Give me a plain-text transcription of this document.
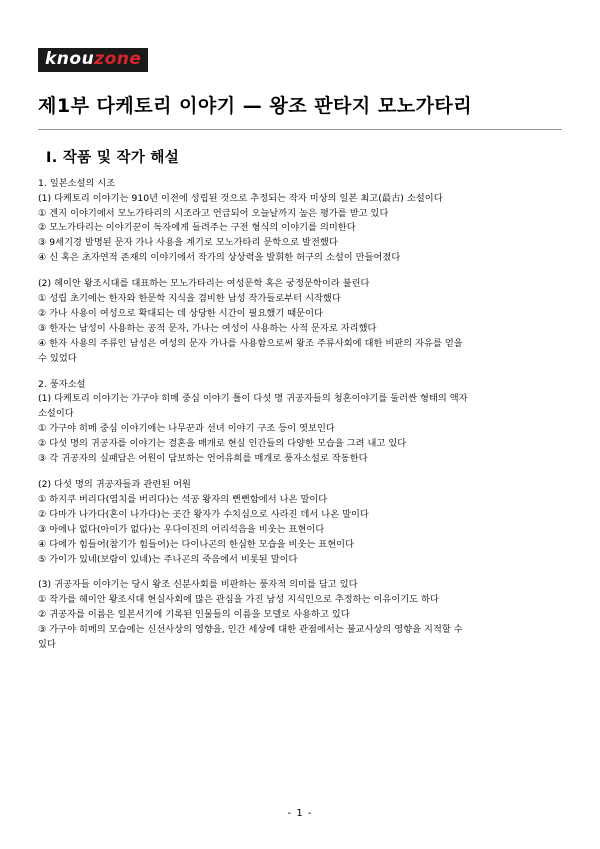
knouzone
제1부 다케토리 이야기 — 왕조 판타지 모노가타리
Ⅰ. 작품 및 작가 해설

1. 일본소설의 시조

(1) 다케토리 이야기는 910년 이전에 성립된 것으로 추정되는 작자 미상의 일본 최고(最古) 소설이다

① 겐지 이야기에서 모노가타리의 시조라고 언급되어 오늘날까지 높은 평가를 받고 있다

② 모노가타리는 이야기꾼이 독자에게 들려주는 구전 형식의 이야기를 의미한다

③ 9세기경 발명된 문자 가나 사용을 계기로 모노가타리 문학으로 발전했다

④ 신 혹은 초자연적 존재의 이야기에서 작가의 상상력을 발휘한 허구의 소설이 만들어졌다

(2) 헤이안 왕조시대를 대표하는 모노가타리는 여성문학 혹은 궁정문학이라 불린다

① 성립 초기에는 한자와 한문학 지식을 겸비한 남성 작가들로부터 시작했다

② 가나 사용이 여성으로 확대되는 데 상당한 시간이 필요했기 때문이다

③ 한자는 남성이 사용하는 공적 문자, 가나는 여성이 사용하는 사적 문자로 자리했다

④ 한자 사용의 주류인 남성은 여성의 문자 가나를 사용함으로써 왕조 주류사회에 대한 비판의 자유를 얻을

수 있었다

2. 풍자소설

(1) 다케토리 이야기는 가구야 히메 중심 이야기 틀이 다섯 명 귀공자들의 청혼이야기를 둘러싼 형태의 액자

소설이다

① 가구야 히메 중심 이야기에는 나무꾼과 선녀 이야기 구조 등이 엿보인다

② 다섯 명의 귀공자를 이야기는 결혼을 매개로 현실 인간들의 다양한 모습을 그려 내고 있다

③ 각 귀공자의 실패담은 어원이 담보하는 언어유희를 매개로 풍자소설로 작동한다

(2) 다섯 명의 귀공자들과 관련된 어원

① 하지쿠 버리다(염치를 버리다)는 석공 왕자의 뻔뻔함에서 나온 말이다

② 다마가 나가다(혼이 나가다)는 곳간 왕자가 수치심으로 사라진 데서 나온 말이다

③ 아에나 없다(아이가 없다)는 우다이진의 어리석음을 비웃는 표현이다

④ 다에가 힘들어(참기가 힘들어)는 다이나곤의 한심한 모습을 비웃는 표현이다

⑤ 가이가 있네(보람이 있네)는 주나곤의 죽음에서 비롯된 말이다

(3) 귀공자들 이야기는 당시 왕조 신분사회를 비판하는 풍자적 의미를 담고 있다

① 작가를 헤이안 왕조시대 현실사회에 많은 관심을 가진 남성 지식인으로 추정하는 이유이기도 하다

② 귀공자를 이름은 일본서기에 기록된 인물들의 이름을 모델로 사용하고 있다

③ 가구야 히메의 모습에는 신선사상의 영향을, 인간 세상에 대한 관점에서는 불교사상의 영향을 지적할 수

있다

- 1 -
